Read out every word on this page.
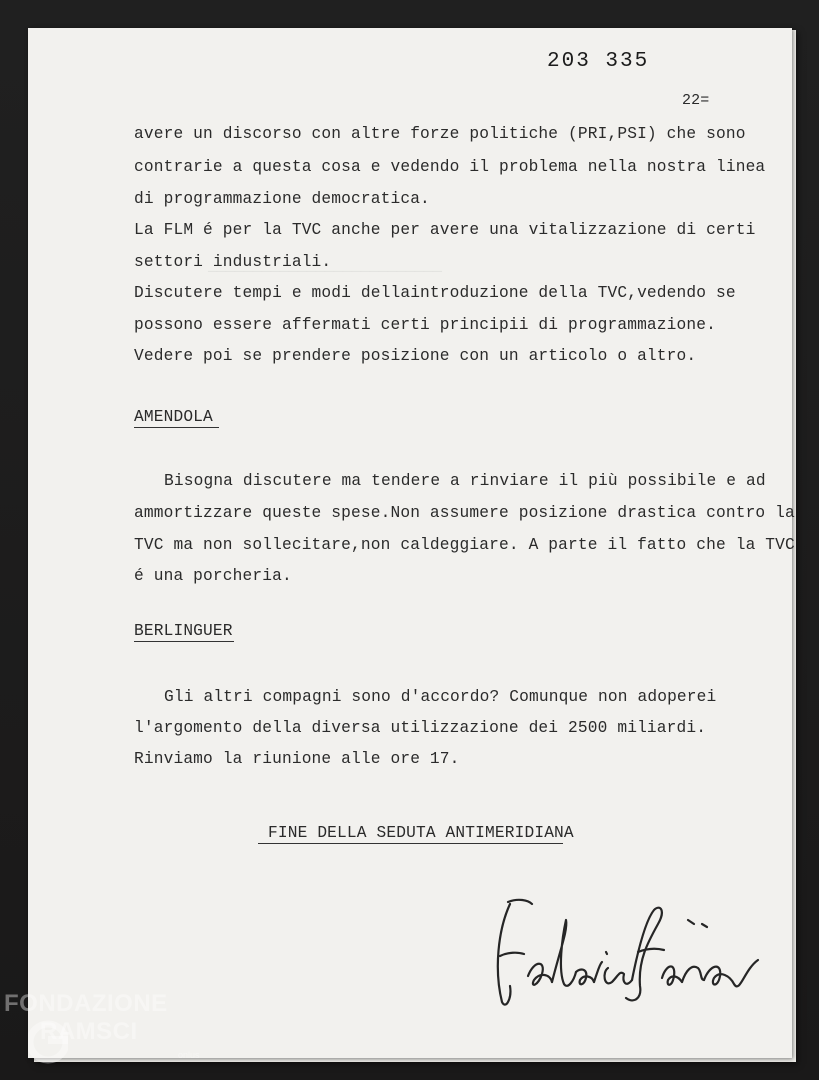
──────────────────────────
203 335
22=
avere un discorso con altre forze politiche (PRI,PSI) che sono
contrarie a questa cosa e vedendo il problema nella nostra linea
di programmazione democratica.
La FLM é per la TVC anche per avere una vitalizzazione di certi
settori industriali.
Discutere tempi e modi dellaintroduzione della TVC,vedendo se
possono essere affermati certi principii di programmazione.
Vedere poi se prendere posizione con un articolo o altro.
AMENDOLA
Bisogna discutere ma tendere a rinviare il più possibile e ad
ammortizzare queste spese.Non assumere posizione drastica contro la
TVC ma non sollecitare,non caldeggiare. A parte il fatto che la TVC
é una porcheria.
BERLINGUER
Gli altri compagni sono d'accordo? Comunque non adoperei
l'argomento della diversa utilizzazione dei 2500 miliardi.
Rinviamo la riunione alle ore 17.
FINE DELLA SEDUTA ANTIMERIDIANA
FONDAZIONE
RAMSCI
onlus
